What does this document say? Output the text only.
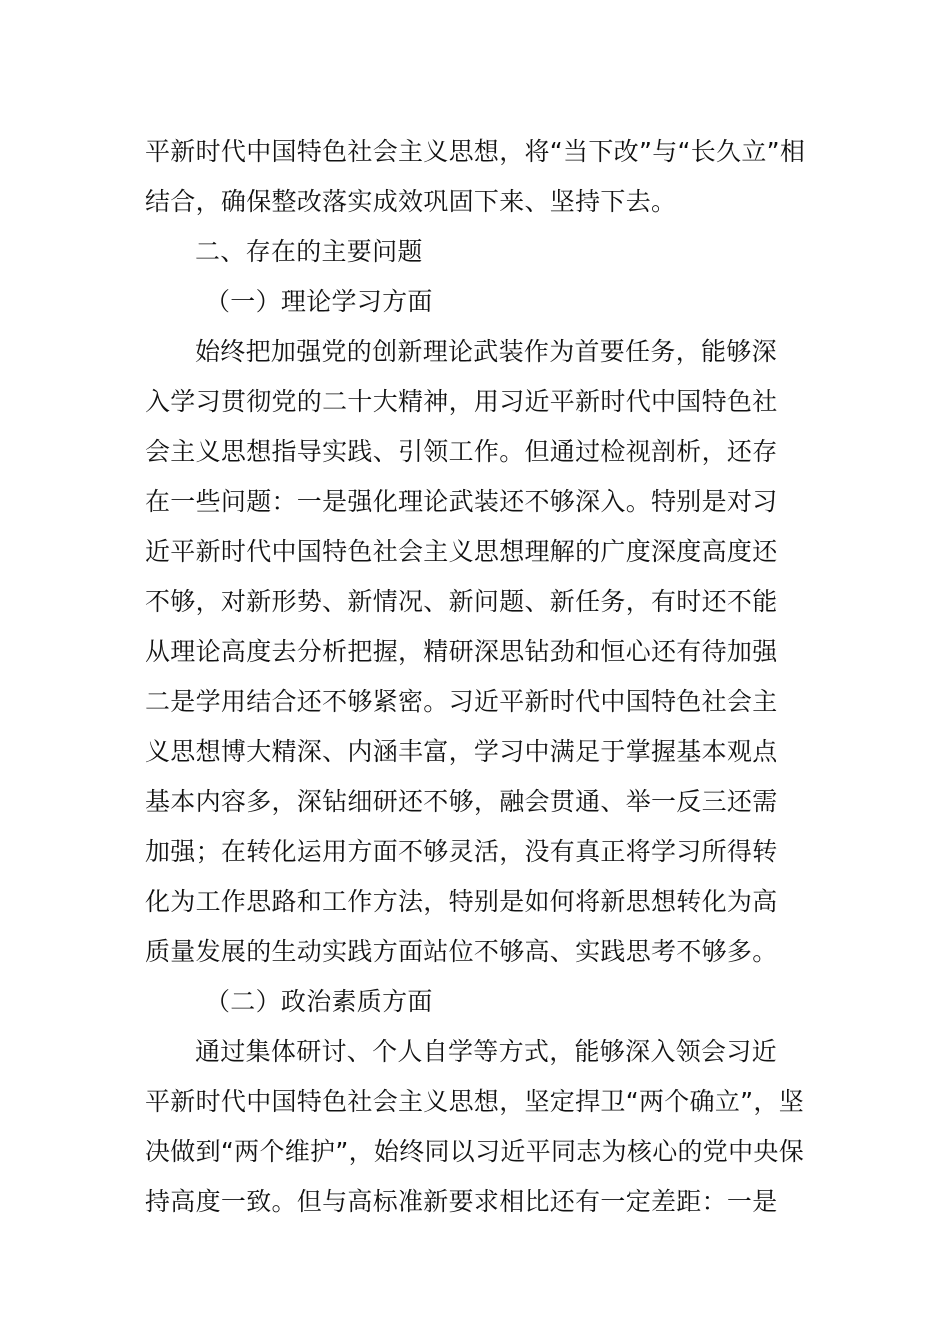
平新时代中国特色社会主义思想，将“当下改”与“长久立”相
结合，确保整改落实成效巩固下来、坚持下去。
二、存在的主要问题
（一）理论学习方面
始终把加强党的创新理论武装作为首要任务，能够深
入学习贯彻党的二十大精神，用习近平新时代中国特色社
会主义思想指导实践、引领工作。但通过检视剖析，还存
在一些问题：一是强化理论武装还不够深入。特别是对习
近平新时代中国特色社会主义思想理解的广度深度高度还
不够，对新形势、新情况、新问题、新任务，有时还不能
从理论高度去分析把握，精研深思钻劲和恒心还有待加强
二是学用结合还不够紧密。习近平新时代中国特色社会主
义思想博大精深、内涵丰富，学习中满足于掌握基本观点
基本内容多，深钻细研还不够，融会贯通、举一反三还需
加强；在转化运用方面不够灵活，没有真正将学习所得转
化为工作思路和工作方法，特别是如何将新思想转化为高
质量发展的生动实践方面站位不够高、实践思考不够多。
（二）政治素质方面
通过集体研讨、个人自学等方式，能够深入领会习近
平新时代中国特色社会主义思想，坚定捍卫“两个确立”，坚
决做到“两个维护”，始终同以习近平同志为核心的党中央保
持高度一致。但与高标准新要求相比还有一定差距：一是
